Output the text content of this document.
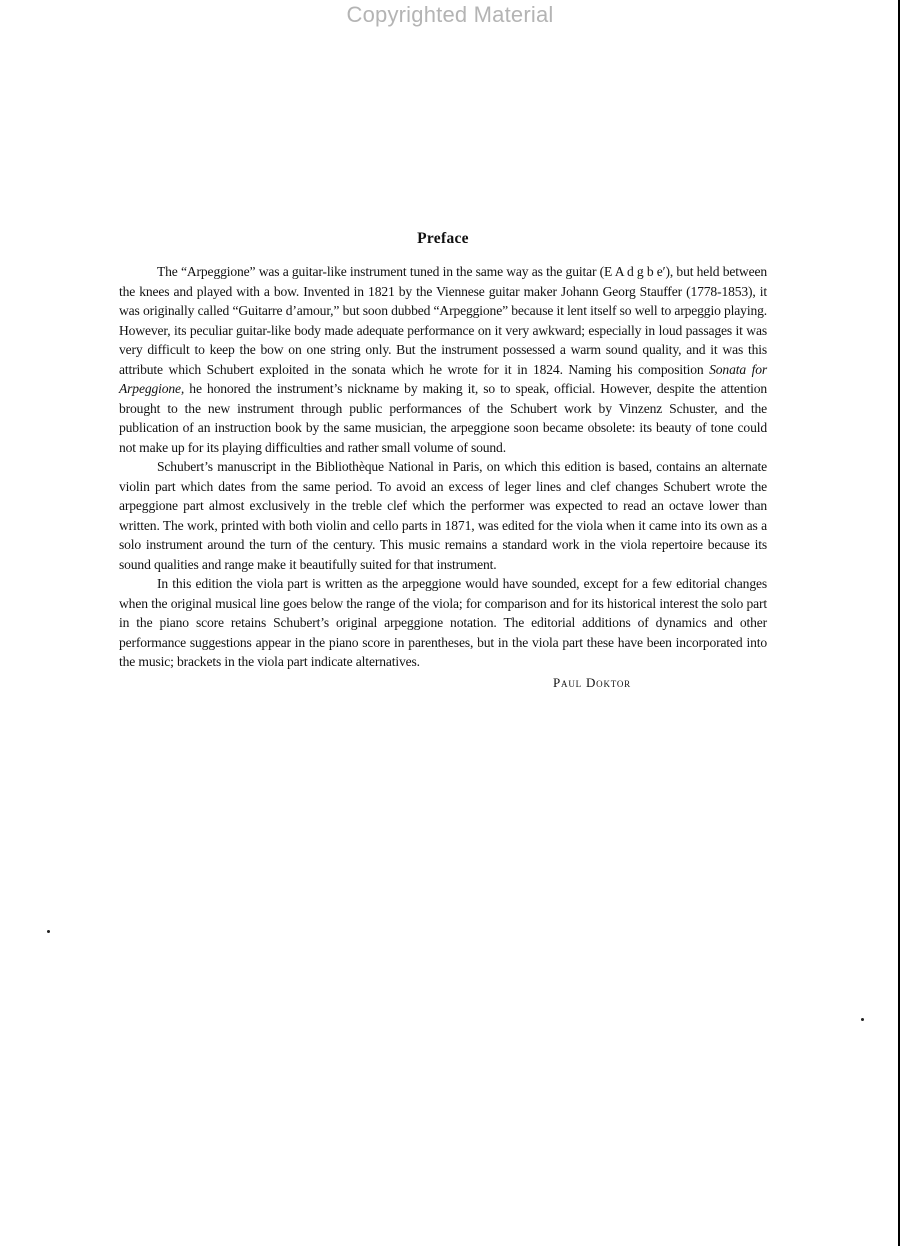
Copyrighted Material
Preface

The “Arpeggione” was a guitar-like instrument tuned in the same way as the guitar (E A d g b e′), but held between the knees and played with a bow. Invented in 1821 by the Viennese guitar maker Johann Georg Stauffer (1778-1853), it was originally called “Guitarre d’amour,” but soon dubbed “Arpeggione” because it lent itself so well to arpeggio playing. However, its peculiar guitar-like body made adequate performance on it very awkward; especially in loud passages it was very difficult to keep the bow on one string only. But the instrument possessed a warm sound quality, and it was this attribute which Schubert exploited in the sonata which he wrote for it in 1824. Naming his composition Sonata for Arpeggione, he honored the instrument’s nickname by making it, so to speak, official. However, despite the attention brought to the new instrument through public performances of the Schubert work by Vinzenz Schuster, and the publication of an instruction book by the same musician, the arpeggione soon became obsolete: its beauty of tone could not make up for its playing difficulties and rather small volume of sound.

Schubert’s manuscript in the Bibliothèque National in Paris, on which this edition is based, contains an alternate violin part which dates from the same period. To avoid an excess of leger lines and clef changes Schubert wrote the arpeggione part almost exclusively in the treble clef which the performer was expected to read an octave lower than written. The work, printed with both violin and cello parts in 1871, was edited for the viola when it came into its own as a solo instrument around the turn of the century. This music remains a standard work in the viola repertoire because its sound qualities and range make it beautifully suited for that instrument.

In this edition the viola part is written as the arpeggione would have sounded, except for a few editorial changes when the original musical line goes below the range of the viola; for comparison and for its historical interest the solo part in the piano score retains Schubert’s original arpeggione notation. The editorial additions of dynamics and other performance suggestions appear in the piano score in parentheses, but in the viola part these have been incorporated into the music; brackets in the viola part indicate alternatives.

Paul Doktor
